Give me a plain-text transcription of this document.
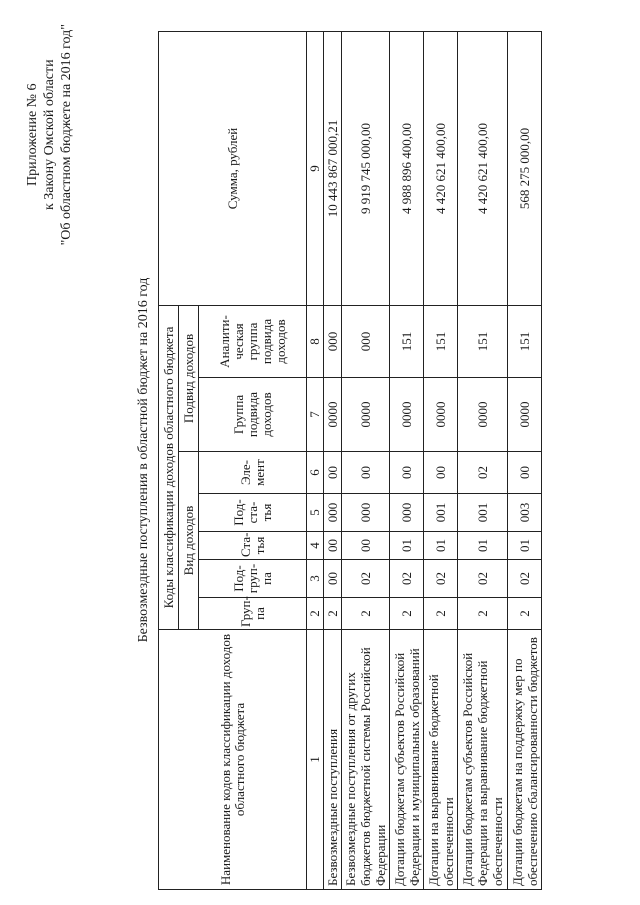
Приложение № 6 к Закону Омской области "Об областном бюджете на 2016 год"
Безвозмездные поступления в областной бюджет на 2016 год
Наименование кодов классификации доходов областного бюджета	Коды классификации доходов областного бюджета							Сумма, рублей
	Вид доходов					Подвид доходов		
	Груп-па	Под-груп-па	Ста-тья	Под-ста-тья	Эле-мент	Группа подвида доходов	Аналити-ческая группа подвида доходов	
1	2	3	4	5	6	7	8	9
Безвозмездные поступления	2	00	00	000	00	0000	000	10 443 867 000,21
Безвозмездные поступления от других бюджетов бюджетной системы Российской Федерации	2	02	00	000	00	0000	000	9 919 745 000,00
Дотации бюджетам субъектов Российской Федерации и муниципальных образований	2	02	01	000	00	0000	151	4 988 896 400,00
Дотации на выравнивание бюджетной обеспеченности	2	02	01	001	00	0000	151	4 420 621 400,00
Дотации бюджетам субъектов Российской Федерации на выравнивание бюджетной обеспеченности	2	02	01	001	02	0000	151	4 420 621 400,00
Дотации бюджетам на поддержку мер по обеспечению сбалансированности бюджетов	2	02	01	003	00	0000	151	568 275 000,00
